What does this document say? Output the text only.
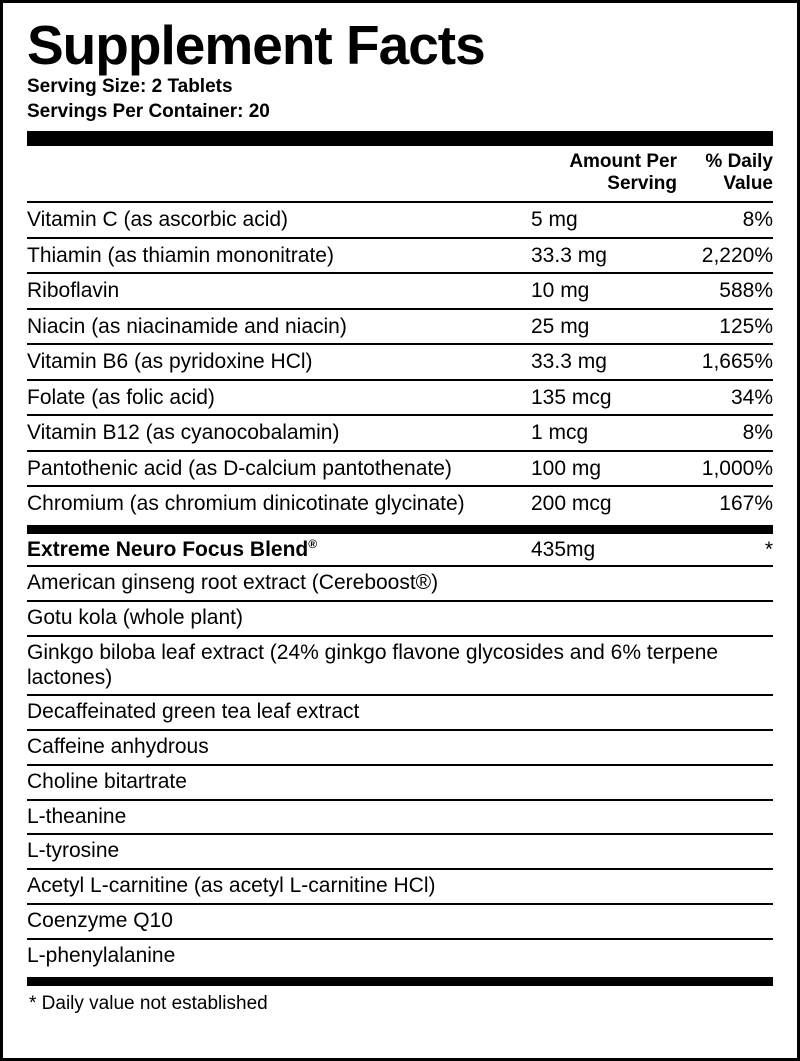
Supplement Facts
Serving Size: 2 Tablets
Servings Per Container: 20

Amount Per
Serving

% Daily
Value

Vitamin C (as ascorbic acid)	5 mg	8%
Thiamin (as thiamin mononitrate)	33.3 mg	2,220%
Riboflavin	10 mg	588%
Niacin (as niacinamide and niacin)	25 mg	125%
Vitamin B6 (as pyridoxine HCl)	33.3 mg	1,665%
Folate (as folic acid)	135 mcg	34%
Vitamin B12 (as cyanocobalamin)	1 mcg	8%
Pantothenic acid (as D-calcium pantothenate)	100 mg	1,000%
Chromium (as chromium dinicotinate glycinate)	200 mcg	167%
Extreme Neuro Focus Blend®	435mg	*
American ginseng root extract (Cereboost®)
Gotu kola (whole plant)
Ginkgo biloba leaf extract (24% ginkgo flavone glycosides and 6% terpene lactones)
Decaffeinated green tea leaf extract
Caffeine anhydrous
Choline bitartrate
L-theanine
L-tyrosine
Acetyl L-carnitine (as acetyl L-carnitine HCl)
Coenzyme Q10
L-phenylalanine
* Daily value not established
